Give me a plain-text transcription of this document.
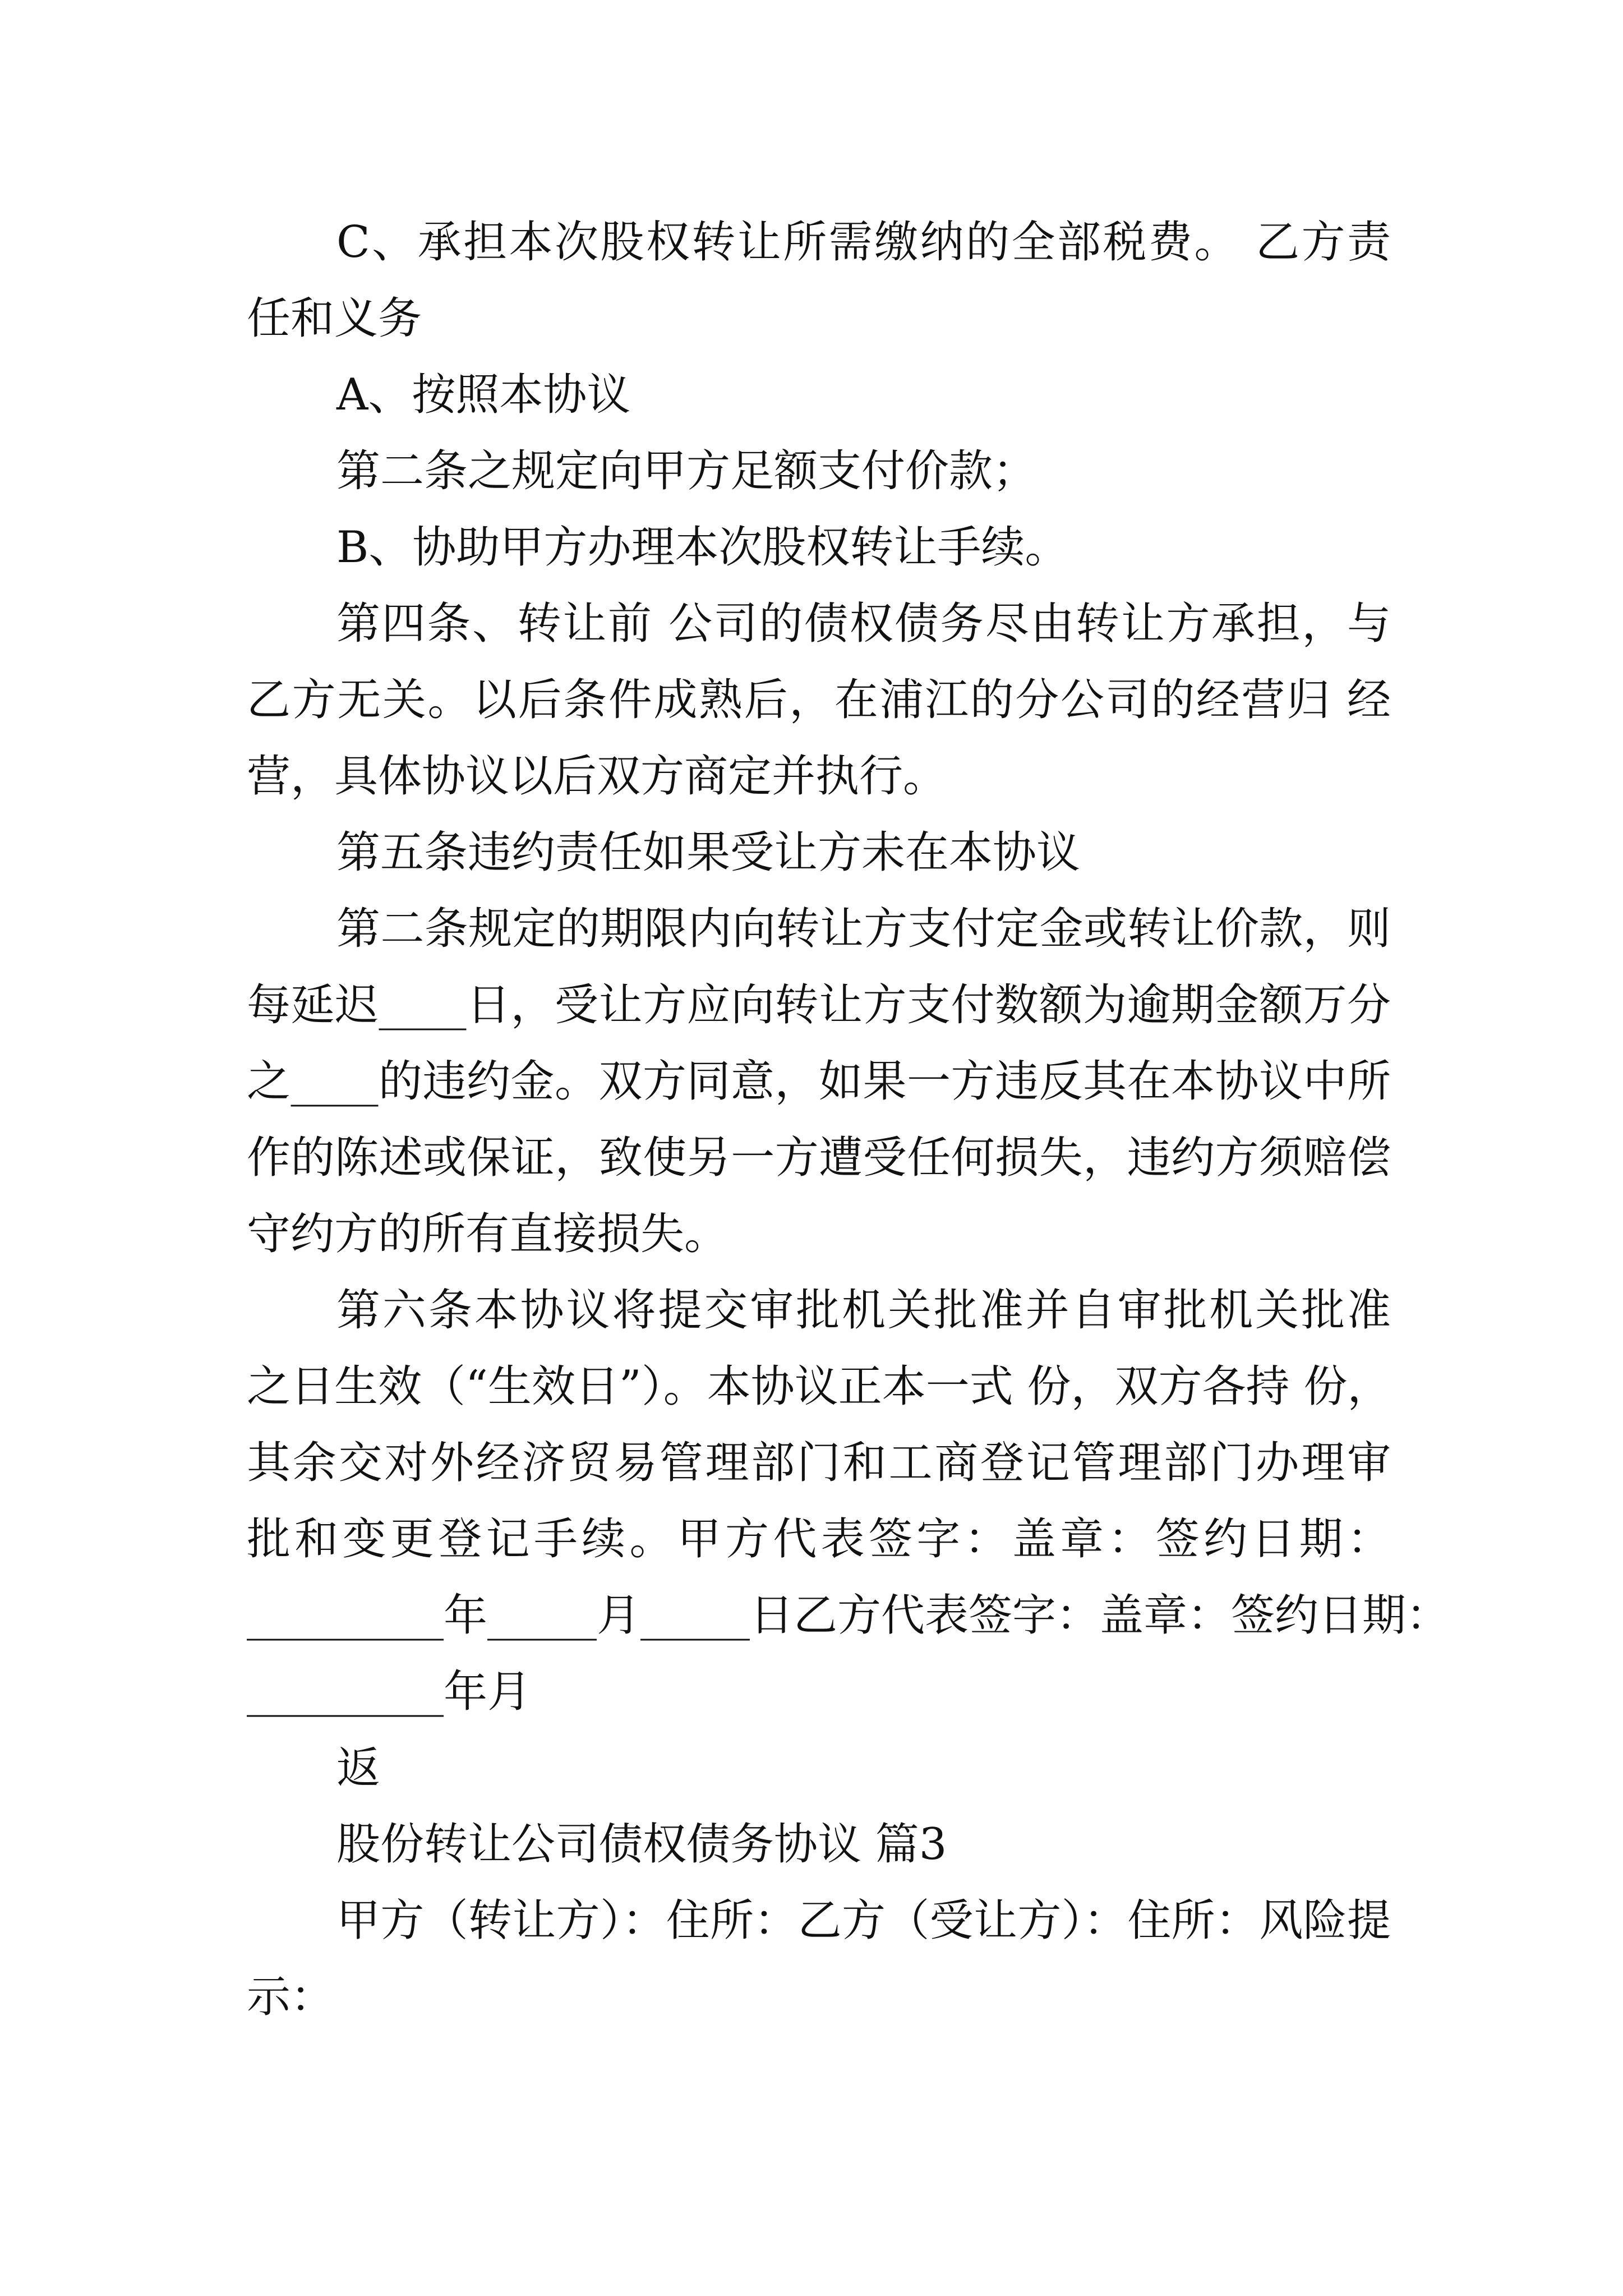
C、承担本次股权转让所需缴纳的全部税费。 乙方责
任和义务
A、按照本协议
第二条之规定向甲方足额支付价款；
B、协助甲方办理本次股权转让手续。
第四条、转让前 公司的债权债务尽由转让方承担，与
乙方无关。以后条件成熟后，在浦江的分公司的经营归 经
营，具体协议以后双方商定并执行。
第五条违约责任如果受让方未在本协议
第二条规定的期限内向转让方支付定金或转让价款，则
每延迟____日，受让方应向转让方支付数额为逾期金额万分
之____的违约金。双方同意，如果一方违反其在本协议中所
作的陈述或保证，致使另一方遭受任何损失，违约方须赔偿
守约方的所有直接损失。
第六条本协议将提交审批机关批准并自审批机关批准
之日生效（“生效日”）。本协议正本一式 份，双方各持 份，
其余交对外经济贸易管理部门和工商登记管理部门办理审
批和变更登记手续。甲方代表签字：盖章：签约日期：
_________年_____月_____日乙方代表签字：盖章：签约日期：
_________年月
返
股份转让公司债权债务协议 篇3
甲方（转让方）：住所：乙方（受让方）：住所：风险提
示：
